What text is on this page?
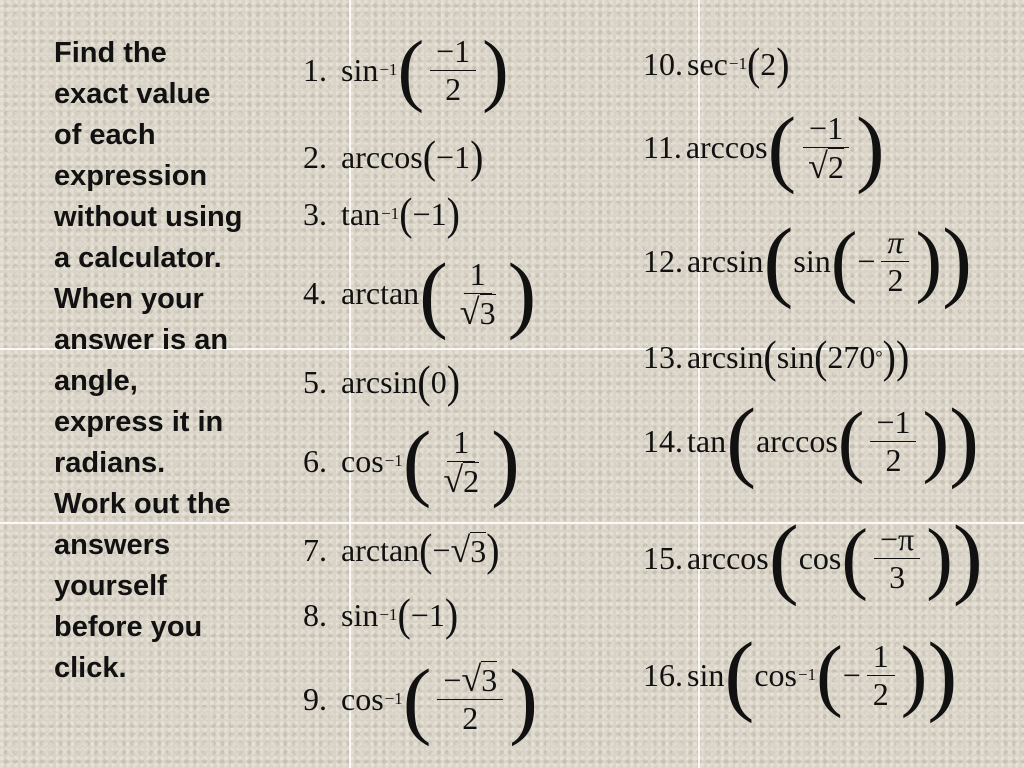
Find the
exact value
of each
expression
without using
a calculator.
When your
answer is an
angle,
express it in
radians.
Work out the
answers
yourself
before you
click.
1. sin −1 ( $\frac{-1}{2}$ )
2. arccos ( −1 )
3. tan −1 ( −1 )
4. arctan ( $\frac{1}{√ 3}$ )
5. arcsin ( 0 )
6. cos −1 ( $\frac{1}{√ 2}$ )
7. arctan ( − √ 3 )
8. sin −1 ( −1 )
9. cos −1 ( $\frac{- √ 3}{2}$ )
10. sec −1 ( 2 )
11. arccos ( $\frac{-1}{√ 2}$ )
12. arcsin ( sin ( − $\frac{\pi}{2}$ ) )
13. arcsin ( sin ( 270 ° ) )
14. tan ( arccos ( $\frac{-1}{2}$ ) )
15. arccos ( cos ( $\frac{-\pi}{3}$ ) )
16. sin ( cos −1 ( − $\frac{1}{2}$ ) )
